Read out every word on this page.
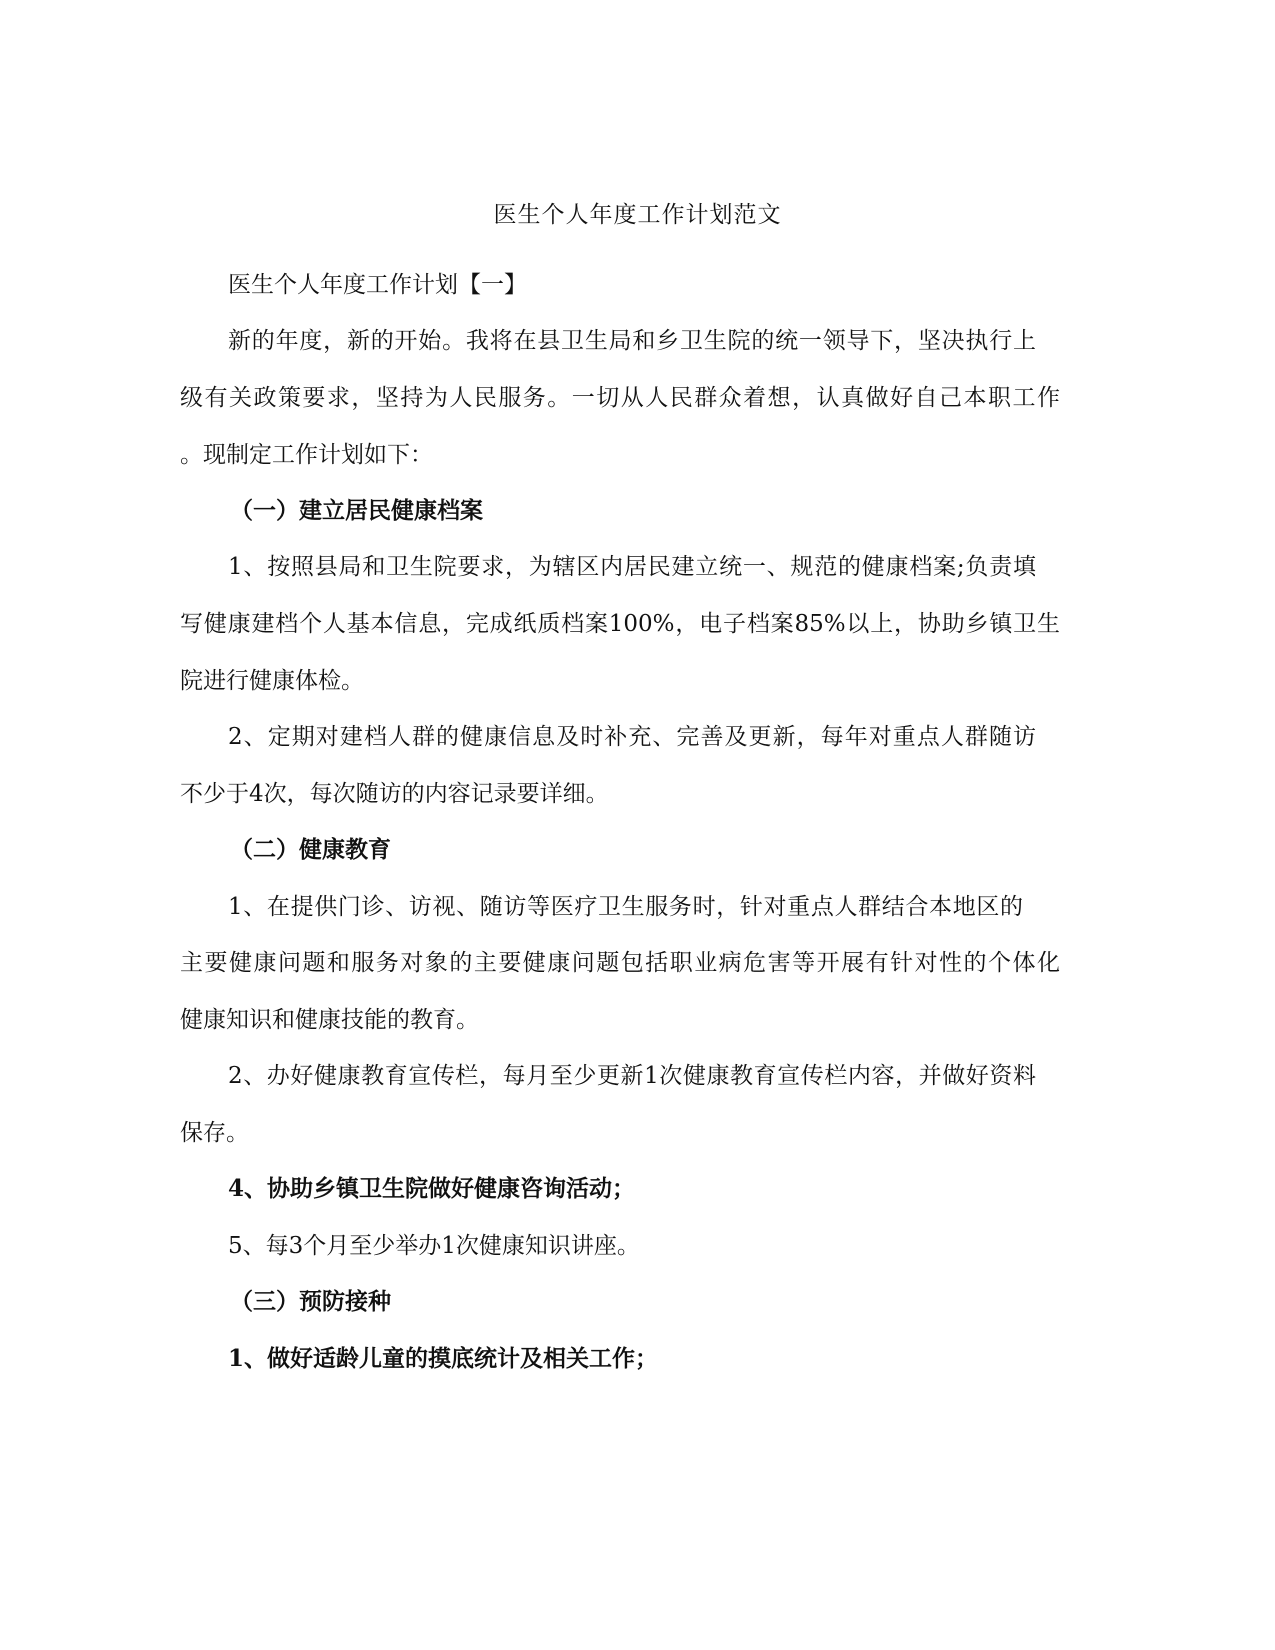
医生个人年度工作计划范文
医生个人年度工作计划【一】
新的年度，新的开始。我将在县卫生局和乡卫生院的统一领导下，坚决执行上
级有关政策要求，坚持为人民服务。一切从人民群众着想，认真做好自己本职工作
。现制定工作计划如下：
（一）建立居民健康档案
1、按照县局和卫生院要求，为辖区内居民建立统一、规范的健康档案;负责填
写健康建档个人基本信息，完成纸质档案100%，电子档案85%以上，协助乡镇卫生
院进行健康体检。
2、定期对建档人群的健康信息及时补充、完善及更新，每年对重点人群随访
不少于4次，每次随访的内容记录要详细。
（二）健康教育
1、在提供门诊、访视、随访等医疗卫生服务时，针对重点人群结合本地区的
主要健康问题和服务对象的主要健康问题包括职业病危害等开展有针对性的个体化
健康知识和健康技能的教育。
2、办好健康教育宣传栏，每月至少更新1次健康教育宣传栏内容，并做好资料
保存。
4、协助乡镇卫生院做好健康咨询活动；
5、每3个月至少举办1次健康知识讲座。
（三）预防接种
1、做好适龄儿童的摸底统计及相关工作；
